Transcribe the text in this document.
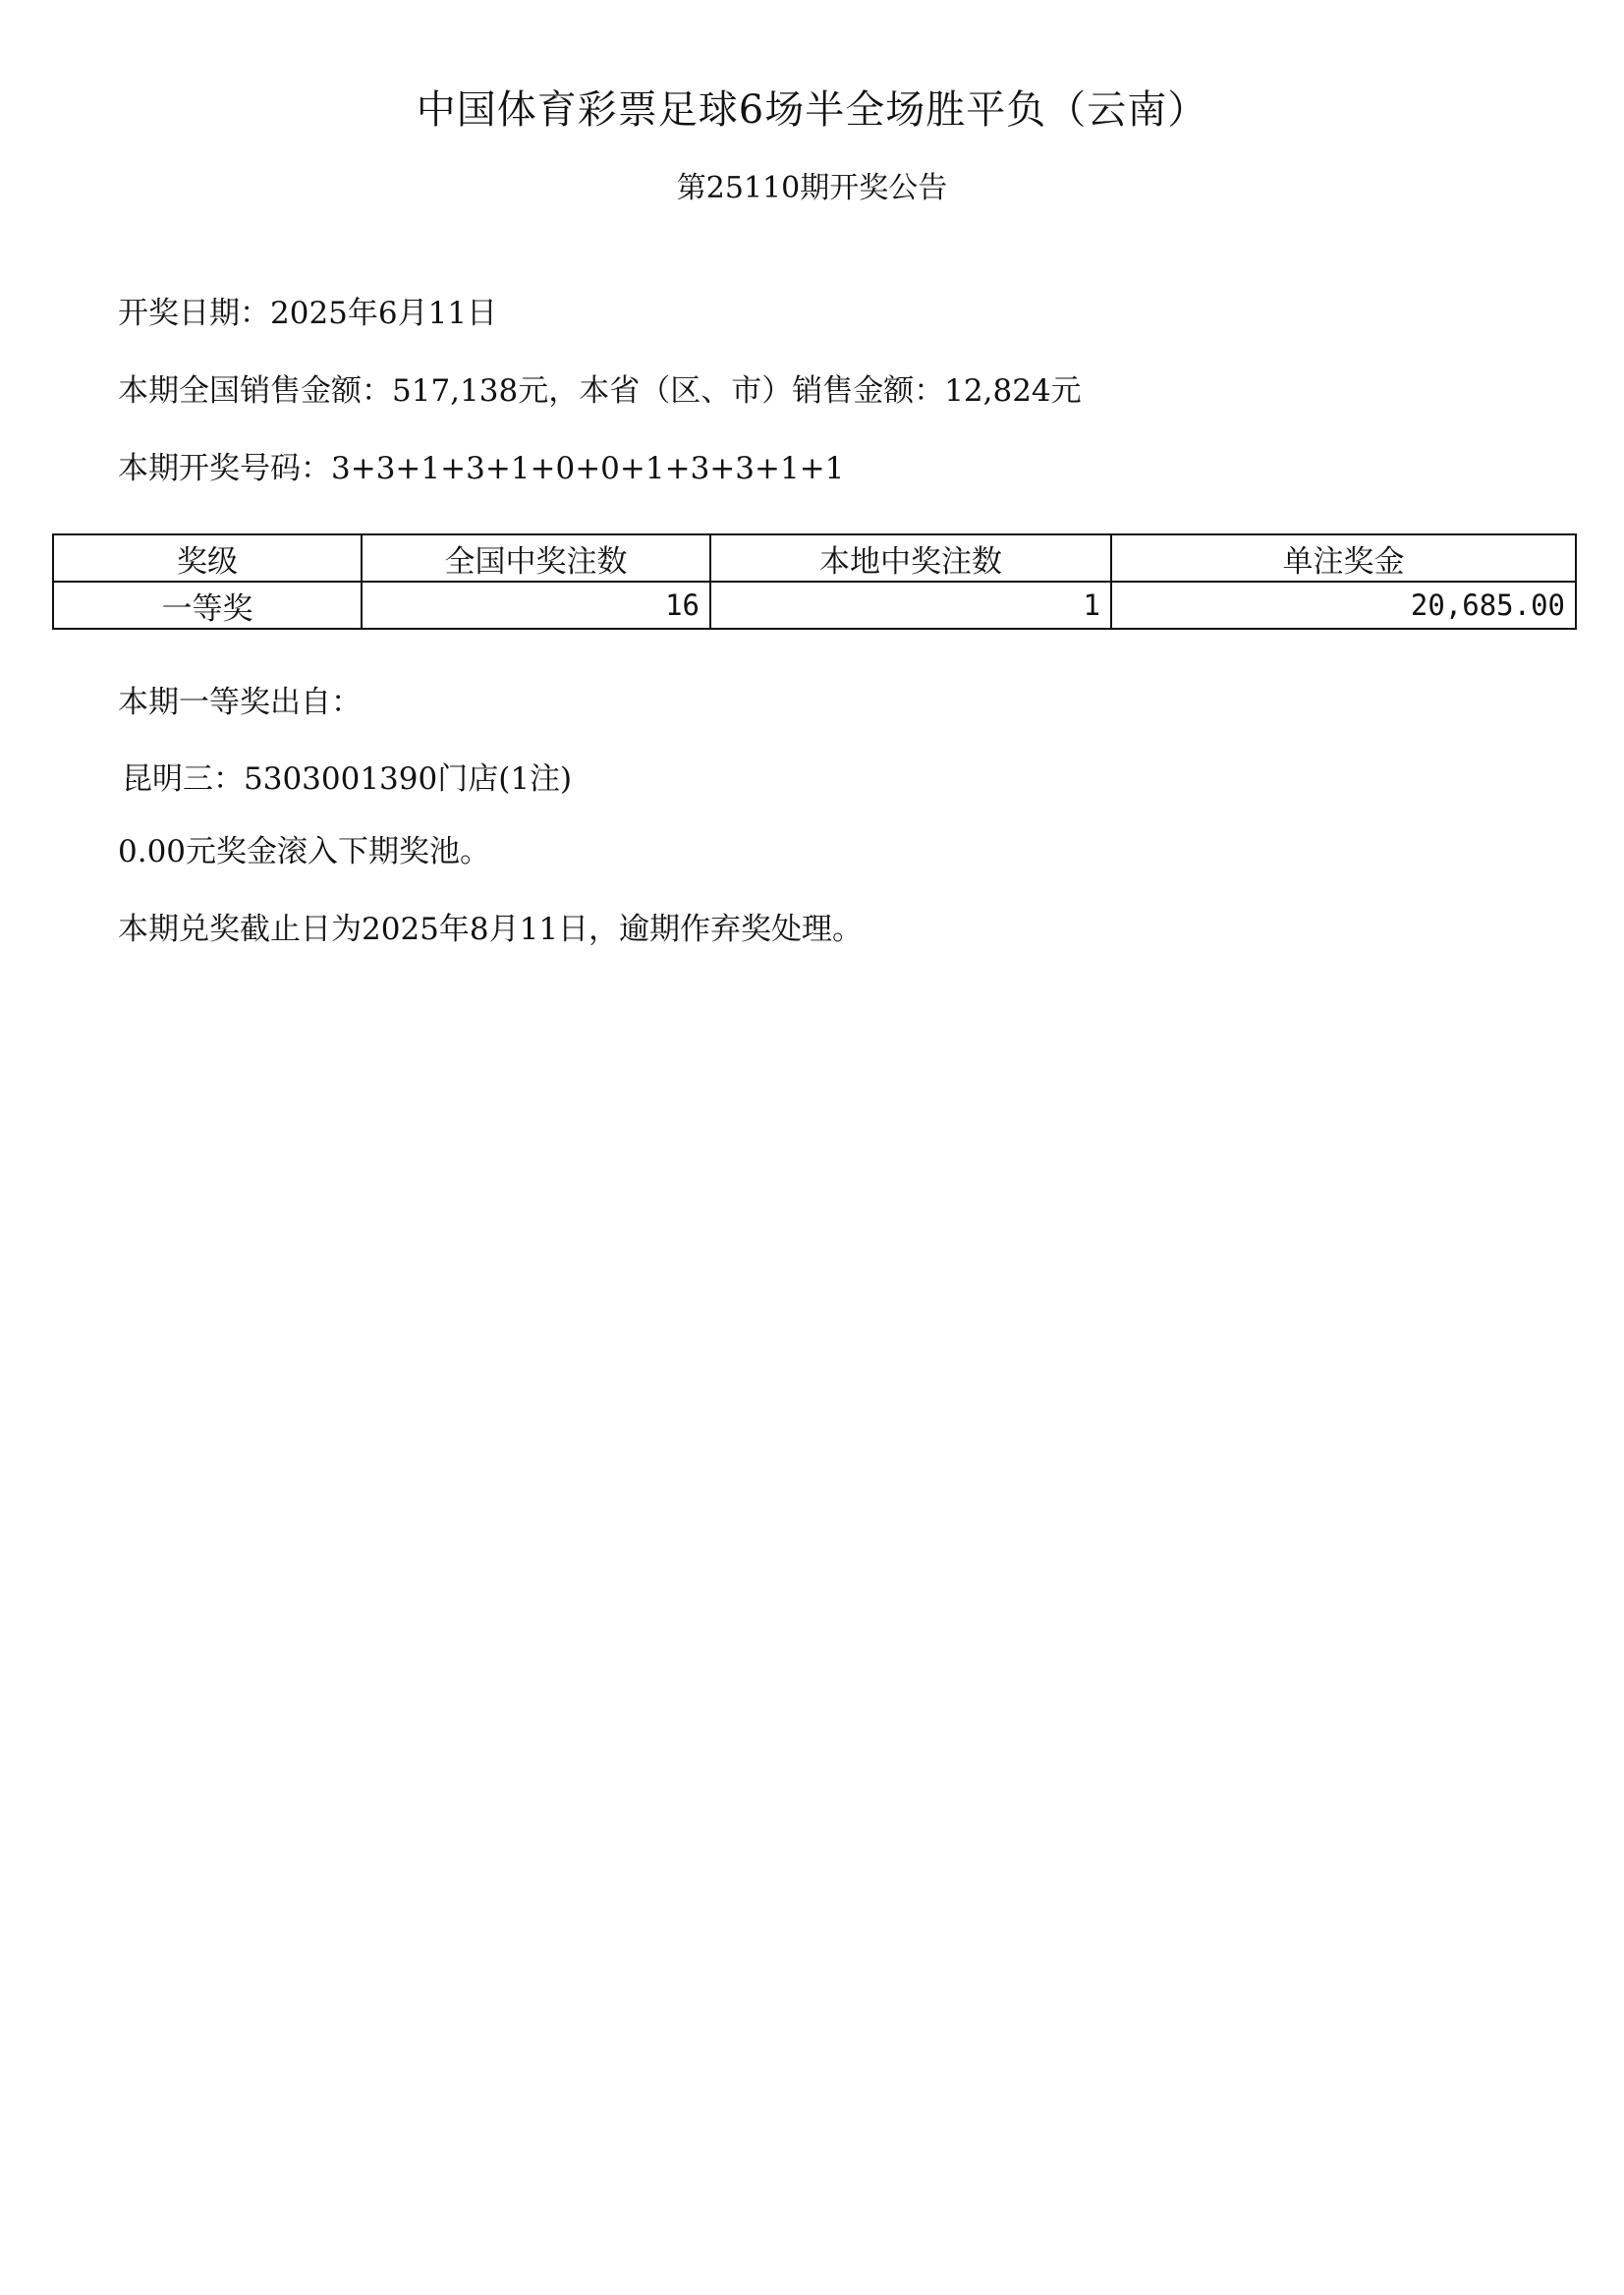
中国体育彩票足球6场半全场胜平负（云南）
第25110期开奖公告
开奖日期：2025年6月11日
本期全国销售金额：517,138元，本省（区、市）销售金额：12,824元
本期开奖号码：3+3+1+3+1+0+0+1+3+3+1+1
奖级	全国中奖注数	本地中奖注数	单注奖金
一等奖	16	1	20,685.00
本期一等奖出自：
昆明三：5303001390门店(1注)
0.00元奖金滚入下期奖池。
本期兑奖截止日为2025年8月11日，逾期作弃奖处理。
